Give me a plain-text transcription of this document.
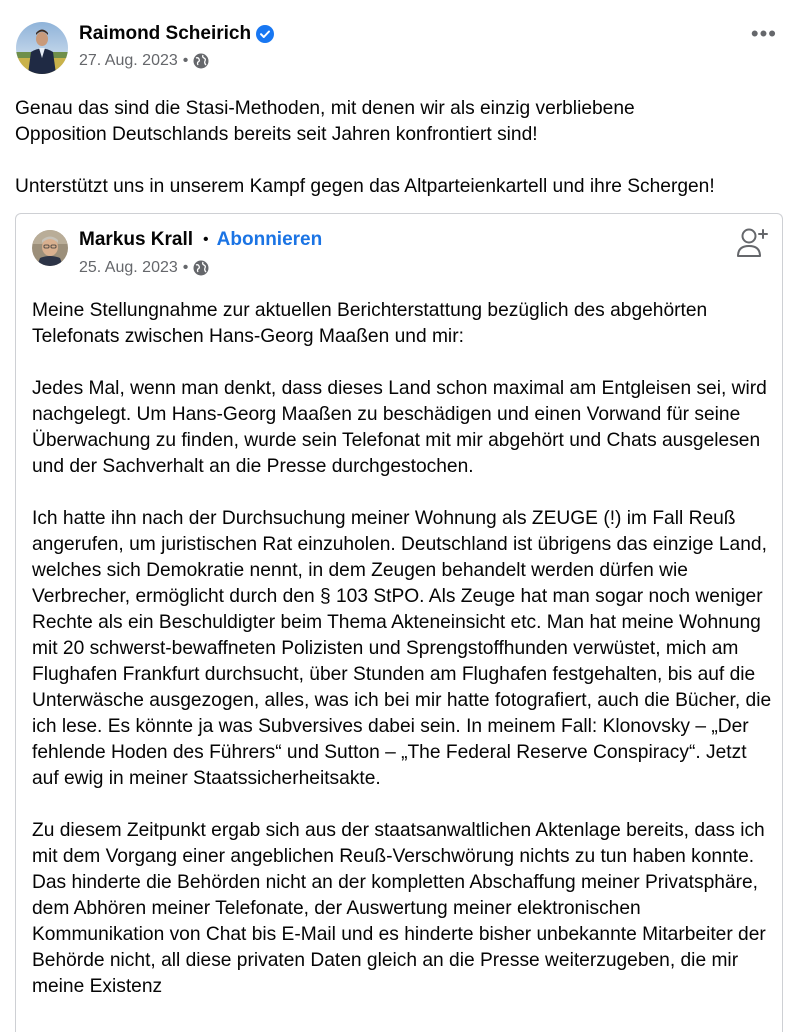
Raimond Scheirich
27. Aug. 2023 •
•••

Genau das sind die Stasi-Methoden, mit denen wir als einzig verbliebene Opposition Deutschlands bereits seit Jahren konfrontiert sind!

Unterstützt uns in unserem Kampf gegen das Altparteienkartell und ihre Schergen!

Markus Krall • Abonnieren
25. Aug. 2023 •

Meine Stellungnahme zur aktuellen Berichterstattung bezüglich des abgehörten Telefonats zwischen Hans-Georg Maaßen und mir:

Jedes Mal, wenn man denkt, dass dieses Land schon maximal am Entgleisen sei, wird nachgelegt. Um Hans-Georg Maaßen zu beschädigen und einen Vorwand für seine Überwachung zu finden, wurde sein Telefonat mit mir abgehört und Chats ausgelesen und der Sachverhalt an die Presse durchgestochen.

Ich hatte ihn nach der Durchsuchung meiner Wohnung als ZEUGE (!) im Fall Reuß angerufen, um juristischen Rat einzuholen. Deutschland ist übrigens das einzige Land, welches sich Demokratie nennt, in dem Zeugen behandelt werden dürfen wie Verbrecher, ermöglicht durch den § 103 StPO. Als Zeuge hat man sogar noch weniger Rechte als ein Beschuldigter beim Thema Akteneinsicht etc. Man hat meine Wohnung mit 20 schwerst-bewaffneten Polizisten und Sprengstoffhunden verwüstet, mich am Flughafen Frankfurt durchsucht, über Stunden am Flughafen festgehalten, bis auf die Unterwäsche ausgezogen, alles, was ich bei mir hatte fotografiert, auch die Bücher, die ich lese. Es könnte ja was Subversives dabei sein. In meinem Fall: Klonovsky – „Der fehlende Hoden des Führers“ und Sutton – „The Federal Reserve Conspiracy“. Jetzt auf ewig in meiner Staatssicherheitsakte.

Zu diesem Zeitpunkt ergab sich aus der staatsanwaltlichen Aktenlage bereits, dass ich mit dem Vorgang einer angeblichen Reuß-Verschwörung nichts zu tun haben konnte. Das hinderte die Behörden nicht an der kompletten Abschaffung meiner Privatsphäre, dem Abhören meiner Telefonate, der Auswertung meiner elektronischen Kommunikation von Chat bis E-Mail und es hinderte bisher unbekannte Mitarbeiter der Behörde nicht, all diese privaten Daten gleich an die Presse weiterzugeben, die mir meine Existenz
